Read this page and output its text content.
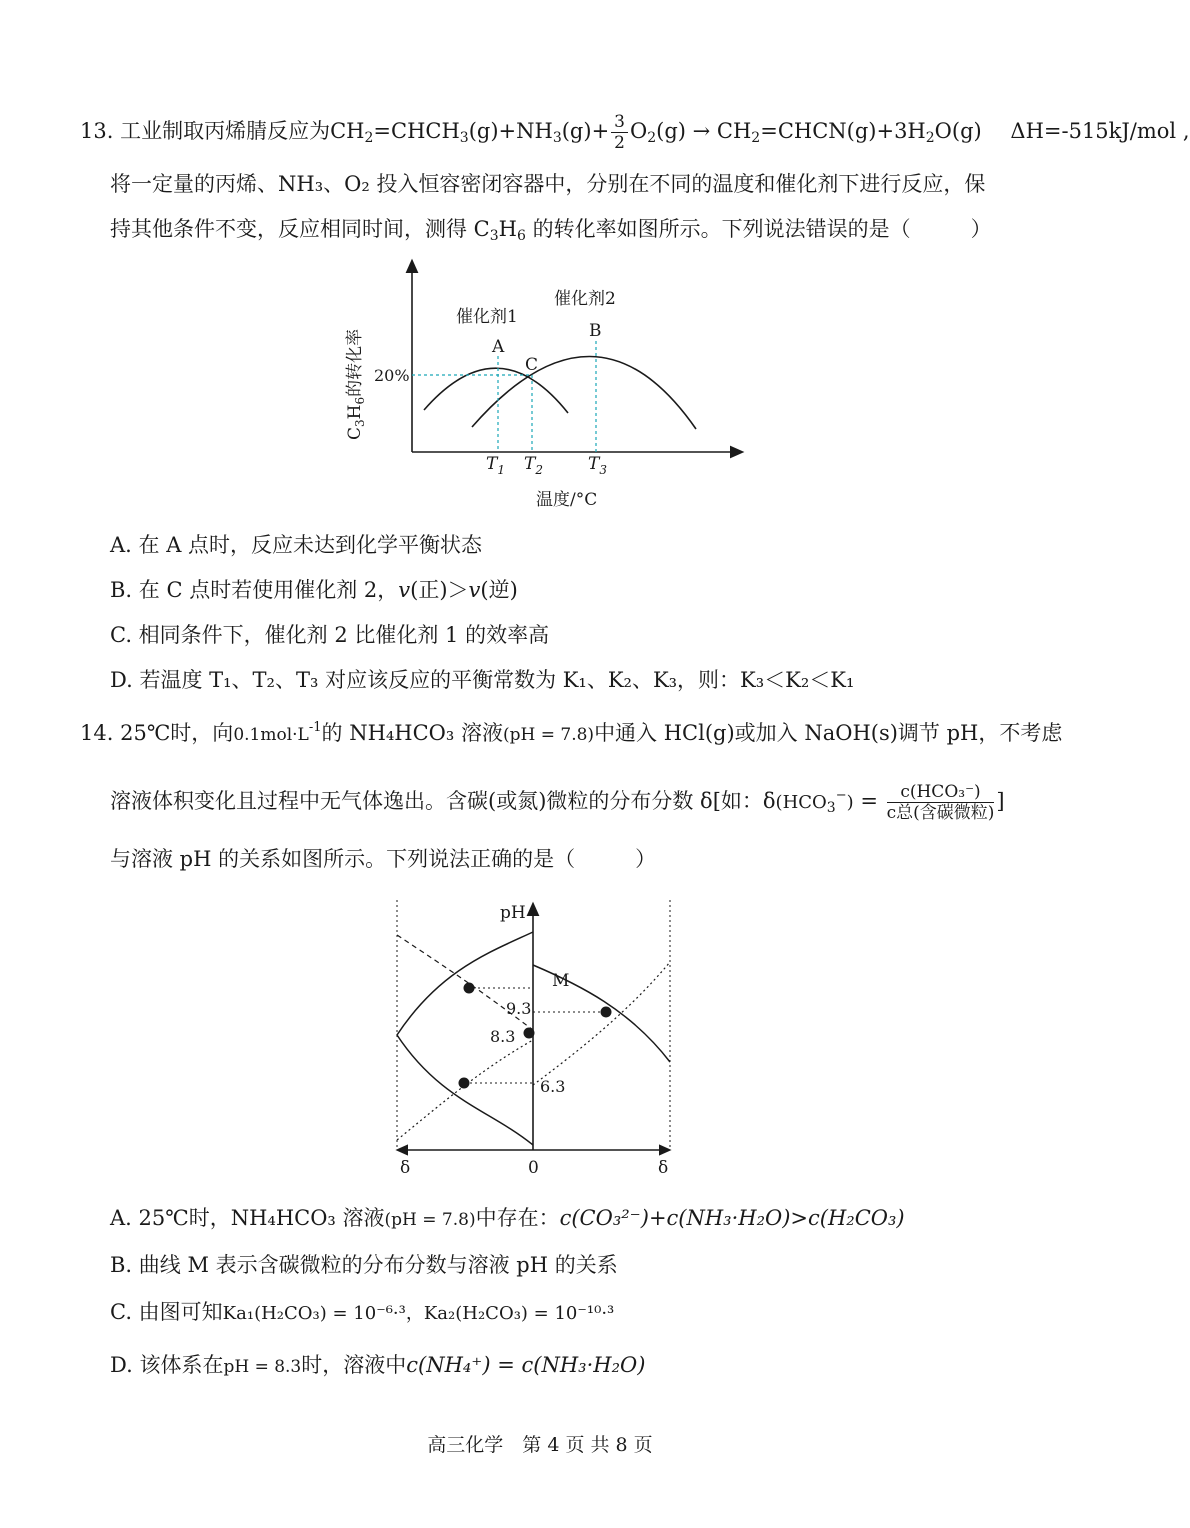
13. 工业制取丙烯腈反应为$CH_2=CHCH_3(g)+NH_3(g)+ \frac{3}{2} O_2(g)$ → $CH_2=CHCN(g)+3H_2O(g)$ ΔH=-515kJ/mol ,
将一定量的丙烯、NH₃、O₂ 投入恒容密闭容器中，分别在不同的温度和催化剂下进行反应，保
持其他条件不变，反应相同时间，测得 $C_3H_6$ 的转化率如图所示。下列说法错误的是（	）
A
B
C
催化剂1
催化剂2
20%
$T_1$ $T_2$	$T_3$
温度/°C
$C_3H_6$的转化率
A. 在 A 点时，反应未达到化学平衡状态
B. 在 C 点时若使用催化剂 2，v(正)＞v(逆)
C. 相同条件下，催化剂 2 比催化剂 1 的效率高
D. 若温度 T₁、T₂、T₃ 对应该反应的平衡常数为 K₁、K₂、K₃，则：K₃＜K₂＜K₁
14. 25℃时，向$0.1mol\cdot L^{-1}$的 NH₄HCO₃ 溶液(pH = 7.8)中通入 HCl(g)或加入 NaOH(s)调节 pH，不考虑
溶液体积变化且过程中无气体逸出。含碳(或氮)微粒的分布分数 δ[如：$\delta(HCO_3^-) = \frac{\text{c(HCO₃⁻)}}{\text{c总(含碳微粒)}}$ ]
与溶液 pH 的关系如图所示。下列说法正确的是（	）
pH
M
9.3
8.3
6.3
δ	0	δ
A. 25℃时，NH₄HCO₃ 溶液(pH = 7.8)中存在：c(CO₃²⁻)+c(NH₃·H₂O)>c(H₂CO₃)
B. 曲线 M 表示含碳微粒的分布分数与溶液 pH 的关系
C. 由图可知Ka₁(H₂CO₃) = 10⁻⁶·³，Ka₂(H₂CO₃) = 10⁻¹⁰·³
D. 该体系在pH = 8.3时，溶液中c(NH₄⁺) = c(NH₃·H₂O)
高三化学　第 4 页 共 8 页
